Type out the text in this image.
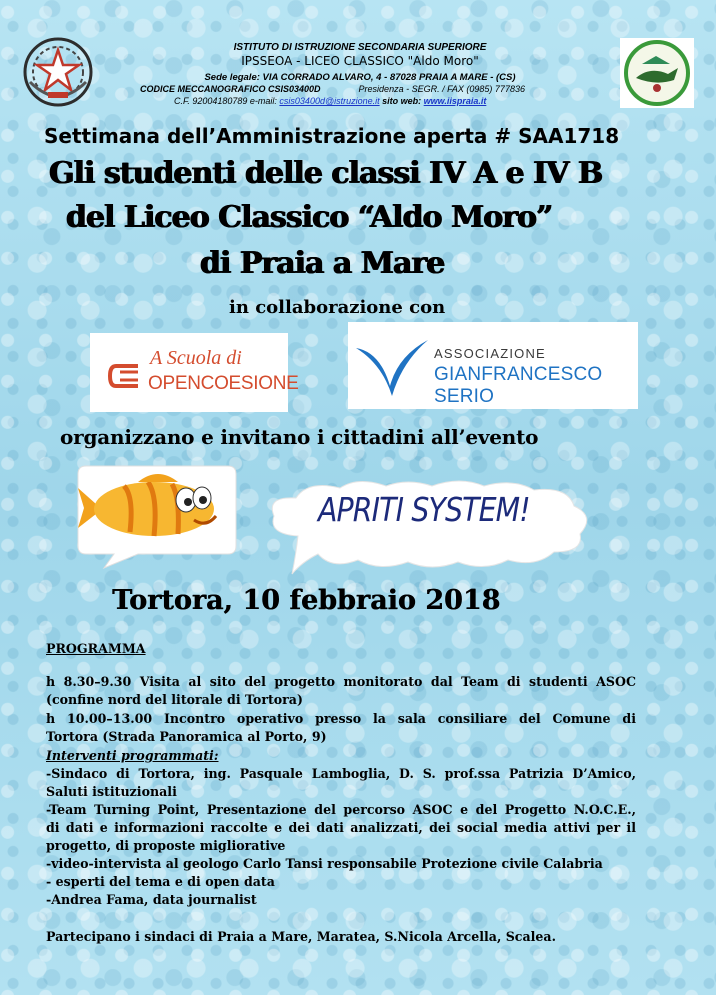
ISTITUTO DI ISTRUZIONE SECONDARIA SUPERIORE
IPSSEOA - LICEO CLASSICO "Aldo Moro"
Sede legale: VIA CORRADO ALVARO, 4 - 87028 PRAIA A MARE - (CS)
CODICE MECCANOGRAFICO CSIS03400D	Presidenza - SEGR. / FAX (0985) 777836
C.F. 92004180789 e-mail: csis03400d@istruzione.it sito web: www.iispraia.it
Settimana dell’Amministrazione aperta # SAA1718
Gli studenti delle classi IV A e IV B
del Liceo Classico “Aldo Moro”
di Praia a Mare
in collaborazione con
A Scuola di
OPENCOESIONE
ASSOCIAZIONE
GIANFRANCESCO SERIO
organizzano e invitano i cittadini all’evento
APRITI SYSTEM!
Tortora, 10 febbraio 2018
PROGRAMMA
h 8.30–9.30 Visita al sito del progetto monitorato dal Team di studenti ASOC
(confine nord del litorale di Tortora)
h 10.00–13.00 Incontro operativo presso la sala consiliare del Comune di
Tortora (Strada Panoramica al Porto, 9)
Interventi programmati:
-Sindaco di Tortora, ing. Pasquale Lamboglia, D. S. prof.ssa Patrizia D’Amico,
Saluti istituzionali
-Team Turning Point, Presentazione del percorso ASOC e del Progetto N.O.C.E.,
di dati e informazioni raccolte e dei dati analizzati, dei social media attivi per il
progetto, di proposte migliorative
-video-intervista al geologo Carlo Tansi responsabile Protezione civile Calabria
- esperti del tema e di open data
-Andrea Fama, data journalist
Partecipano i sindaci di Praia a Mare, Maratea, S.Nicola Arcella, Scalea.
